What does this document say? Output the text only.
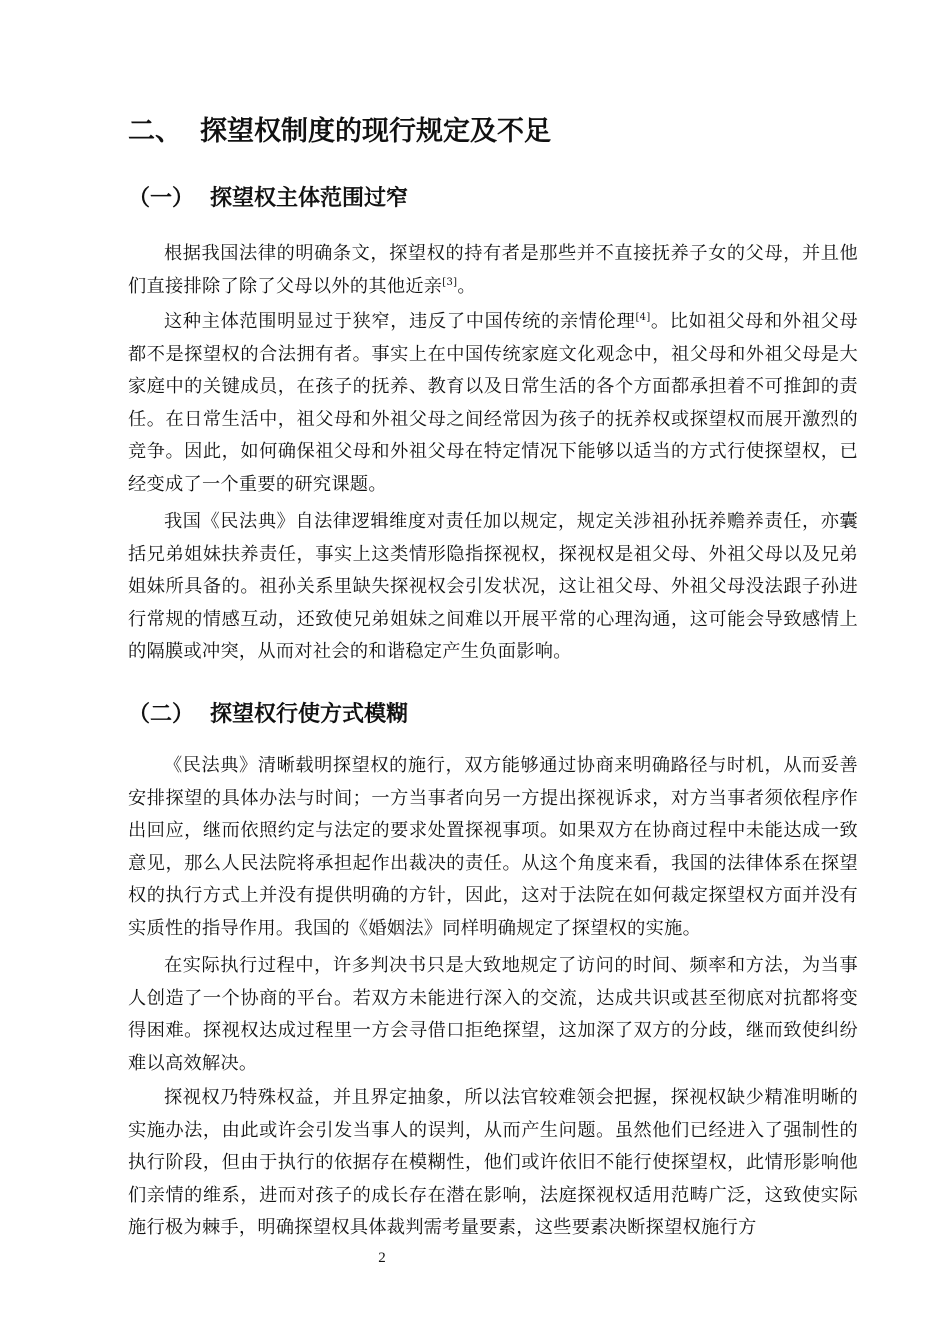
二、 探望权制度的现行规定及不足
（一） 探望权主体范围过窄

根据我国法律的明确条文，探望权的持有者是那些并不直接抚养子女的父母，并且他们直接排除了除了父母以外的其他近亲[3]。

这种主体范围明显过于狭窄，违反了中国传统的亲情伦理[4]。比如祖父母和外祖父母都不是探望权的合法拥有者。事实上在中国传统家庭文化观念中，祖父母和外祖父母是大家庭中的关键成员，在孩子的抚养、教育以及日常生活的各个方面都承担着不可推卸的责任。在日常生活中，祖父母和外祖父母之间经常因为孩子的抚养权或探望权而展开激烈的竞争。因此，如何确保祖父母和外祖父母在特定情况下能够以适当的方式行使探望权，已经变成了一个重要的研究课题。

我国《民法典》自法律逻辑维度对责任加以规定，规定关涉祖孙抚养赡养责任，亦囊括兄弟姐妹扶养责任，事实上这类情形隐指探视权，探视权是祖父母、外祖父母以及兄弟姐妹所具备的。祖孙关系里缺失探视权会引发状况，这让祖父母、外祖父母没法跟子孙进行常规的情感互动，还致使兄弟姐妹之间难以开展平常的心理沟通，这可能会导致感情上的隔膜或冲突，从而对社会的和谐稳定产生负面影响。

（二） 探望权行使方式模糊

《民法典》清晰载明探望权的施行，双方能够通过协商来明确路径与时机，从而妥善安排探望的具体办法与时间；一方当事者向另一方提出探视诉求，对方当事者须依程序作出回应，继而依照约定与法定的要求处置探视事项。如果双方在协商过程中未能达成一致意见，那么人民法院将承担起作出裁决的责任。从这个角度来看，我国的法律体系在探望权的执行方式上并没有提供明确的方针，因此，这对于法院在如何裁定探望权方面并没有实质性的指导作用。我国的《婚姻法》同样明确规定了探望权的实施。

在实际执行过程中，许多判决书只是大致地规定了访问的时间、频率和方法，为当事人创造了一个协商的平台。若双方未能进行深入的交流，达成共识或甚至彻底对抗都将变得困难。探视权达成过程里一方会寻借口拒绝探望，这加深了双方的分歧，继而致使纠纷难以高效解决。

探视权乃特殊权益，并且界定抽象，所以法官较难领会把握，探视权缺少精准明晰的实施办法，由此或许会引发当事人的误判，从而产生问题。虽然他们已经进入了强制性的执行阶段，但由于执行的依据存在模糊性，他们或许依旧不能行使探望权，此情形影响他们亲情的维系，进而对孩子的成长存在潜在影响，法庭探视权适用范畴广泛，这致使实际施行极为棘手，明确探望权具体裁判需考量要素，这些要素决断探望权施行方

2
